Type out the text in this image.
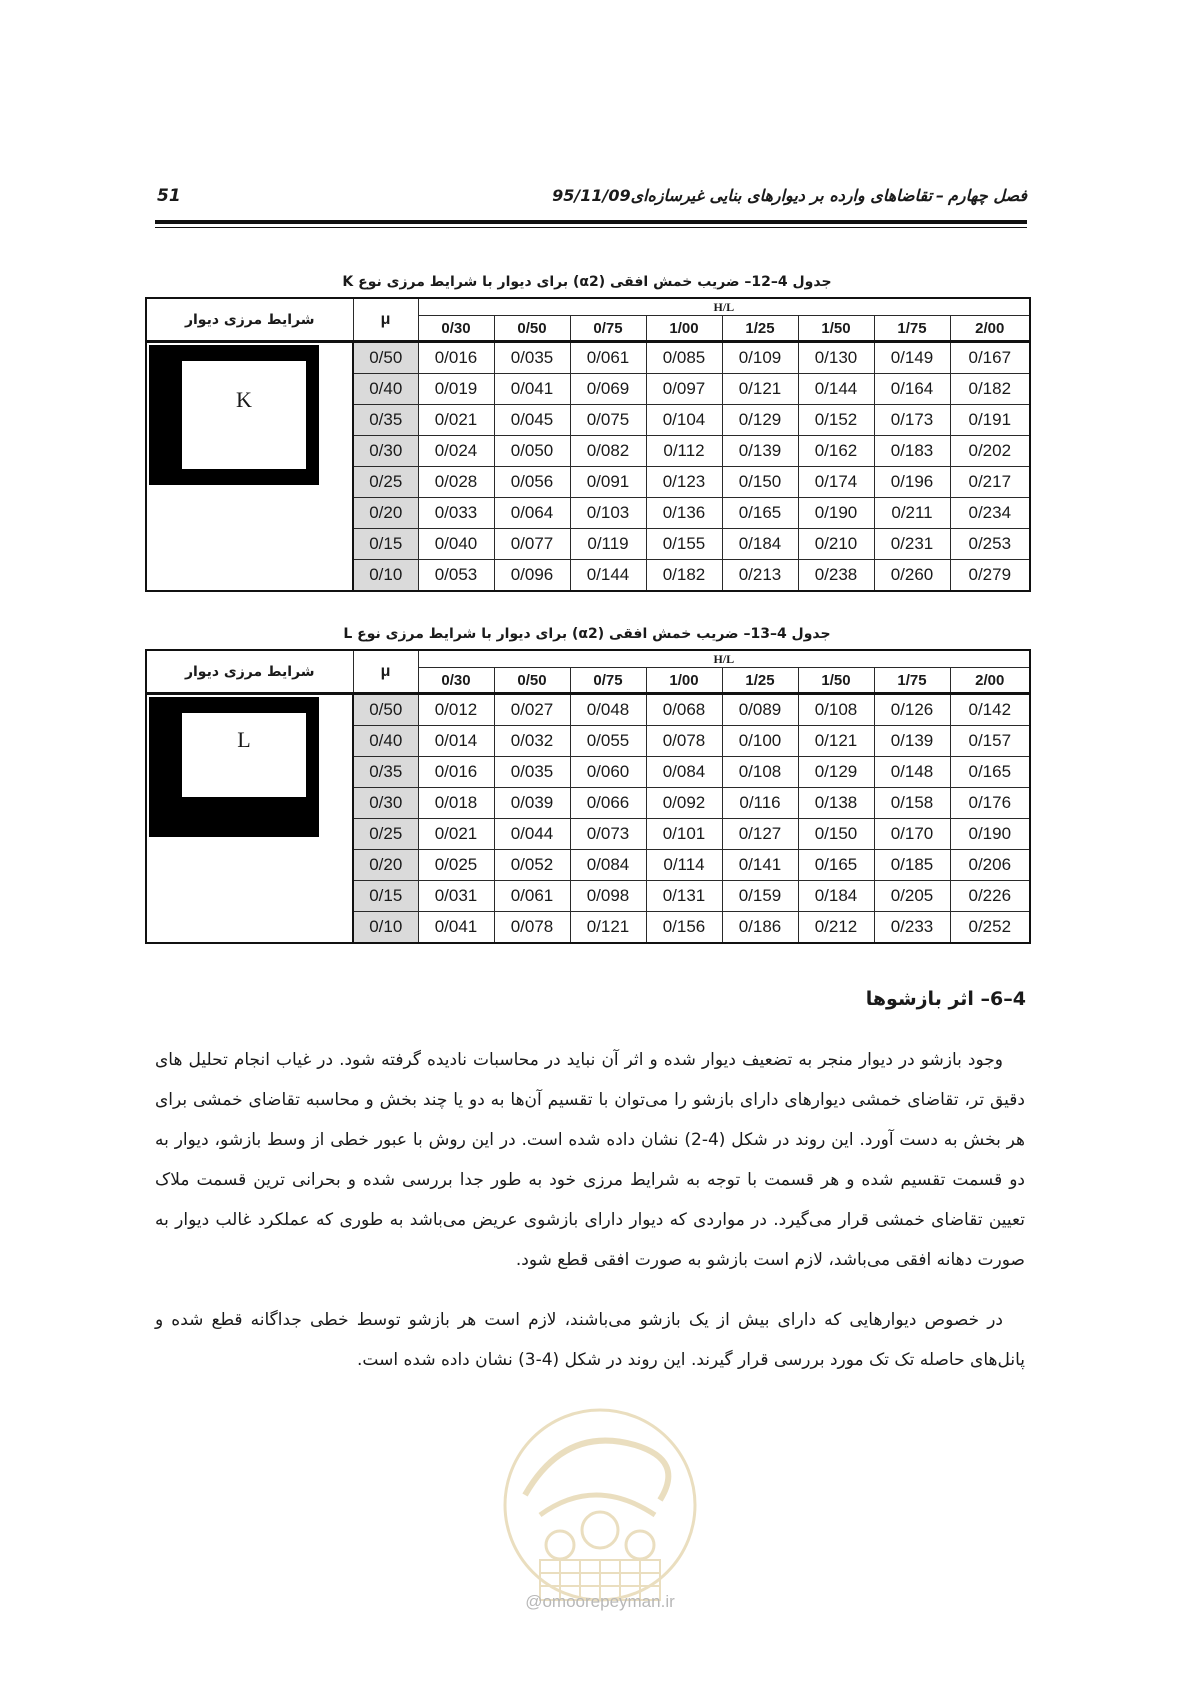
51	فصل چهارم–تقاضاهای وارده بر دیوارهای بنایی غیرسازه‌ای95/11/09
جدول 4–12– ضریب خمش افقی (α2) برای دیوار با شرایط مرزی نوع K
شرایط مرزی دیوار	μ	H/L							
		0/30	0/50	0/75	1/00	1/25	1/50	1/75	2/00

K	0/50	0/016	0/035	0/061	0/085	0/109	0/130	0/149	0/167
	0/40	0/019	0/041	0/069	0/097	0/121	0/144	0/164	0/182
	0/35	0/021	0/045	0/075	0/104	0/129	0/152	0/173	0/191
	0/30	0/024	0/050	0/082	0/112	0/139	0/162	0/183	0/202
	0/25	0/028	0/056	0/091	0/123	0/150	0/174	0/196	0/217
	0/20	0/033	0/064	0/103	0/136	0/165	0/190	0/211	0/234
	0/15	0/040	0/077	0/119	0/155	0/184	0/210	0/231	0/253
	0/10	0/053	0/096	0/144	0/182	0/213	0/238	0/260	0/279
جدول 4–13– ضریب خمش افقی (α2) برای دیوار با شرایط مرزی نوع L
شرایط مرزی دیوار	μ	H/L							
		0/30	0/50	0/75	1/00	1/25	1/50	1/75	2/00

L	0/50	0/012	0/027	0/048	0/068	0/089	0/108	0/126	0/142
	0/40	0/014	0/032	0/055	0/078	0/100	0/121	0/139	0/157
	0/35	0/016	0/035	0/060	0/084	0/108	0/129	0/148	0/165
	0/30	0/018	0/039	0/066	0/092	0/116	0/138	0/158	0/176
	0/25	0/021	0/044	0/073	0/101	0/127	0/150	0/170	0/190
	0/20	0/025	0/052	0/084	0/114	0/141	0/165	0/185	0/206
	0/15	0/031	0/061	0/098	0/131	0/159	0/184	0/205	0/226
	0/10	0/041	0/078	0/121	0/156	0/186	0/212	0/233	0/252
4–6– اثر بازشوها

وجود بازشو در دیوار منجر به تضعیف دیوار شده و اثر آن نباید در محاسبات نادیده گرفته شود. در غیاب انجام تحلیل های دقیق تر، تقاضای خمشی دیوارهای دارای بازشو را می‌توان با تقسیم آن‌ها به دو یا چند بخش و محاسبه تقاضای خمشی برای هر بخش به دست آورد. این روند در شکل (4-2) نشان داده شده است. در این روش با عبور خطی از وسط بازشو، دیوار به دو قسمت تقسیم شده و هر قسمت با توجه به شرایط مرزی خود به طور جدا بررسی شده و بحرانی ترین قسمت ملاک تعیین تقاضای خمشی قرار می‌گیرد. در مواردی که دیوار دارای بازشوی عریض می‌باشد به طوری که عملکرد غالب دیوار به صورت دهانه افقی می‌باشد، لازم است بازشو به صورت افقی قطع شود.

در خصوص دیوارهایی که دارای بیش از یک بازشو می‌باشند، لازم است هر بازشو توسط خطی جداگانه قطع شده و پانل‌های حاصله تک تک مورد بررسی قرار گیرند. این روند در شکل (4-3) نشان داده شده است.

@omoorepeyman.ir
